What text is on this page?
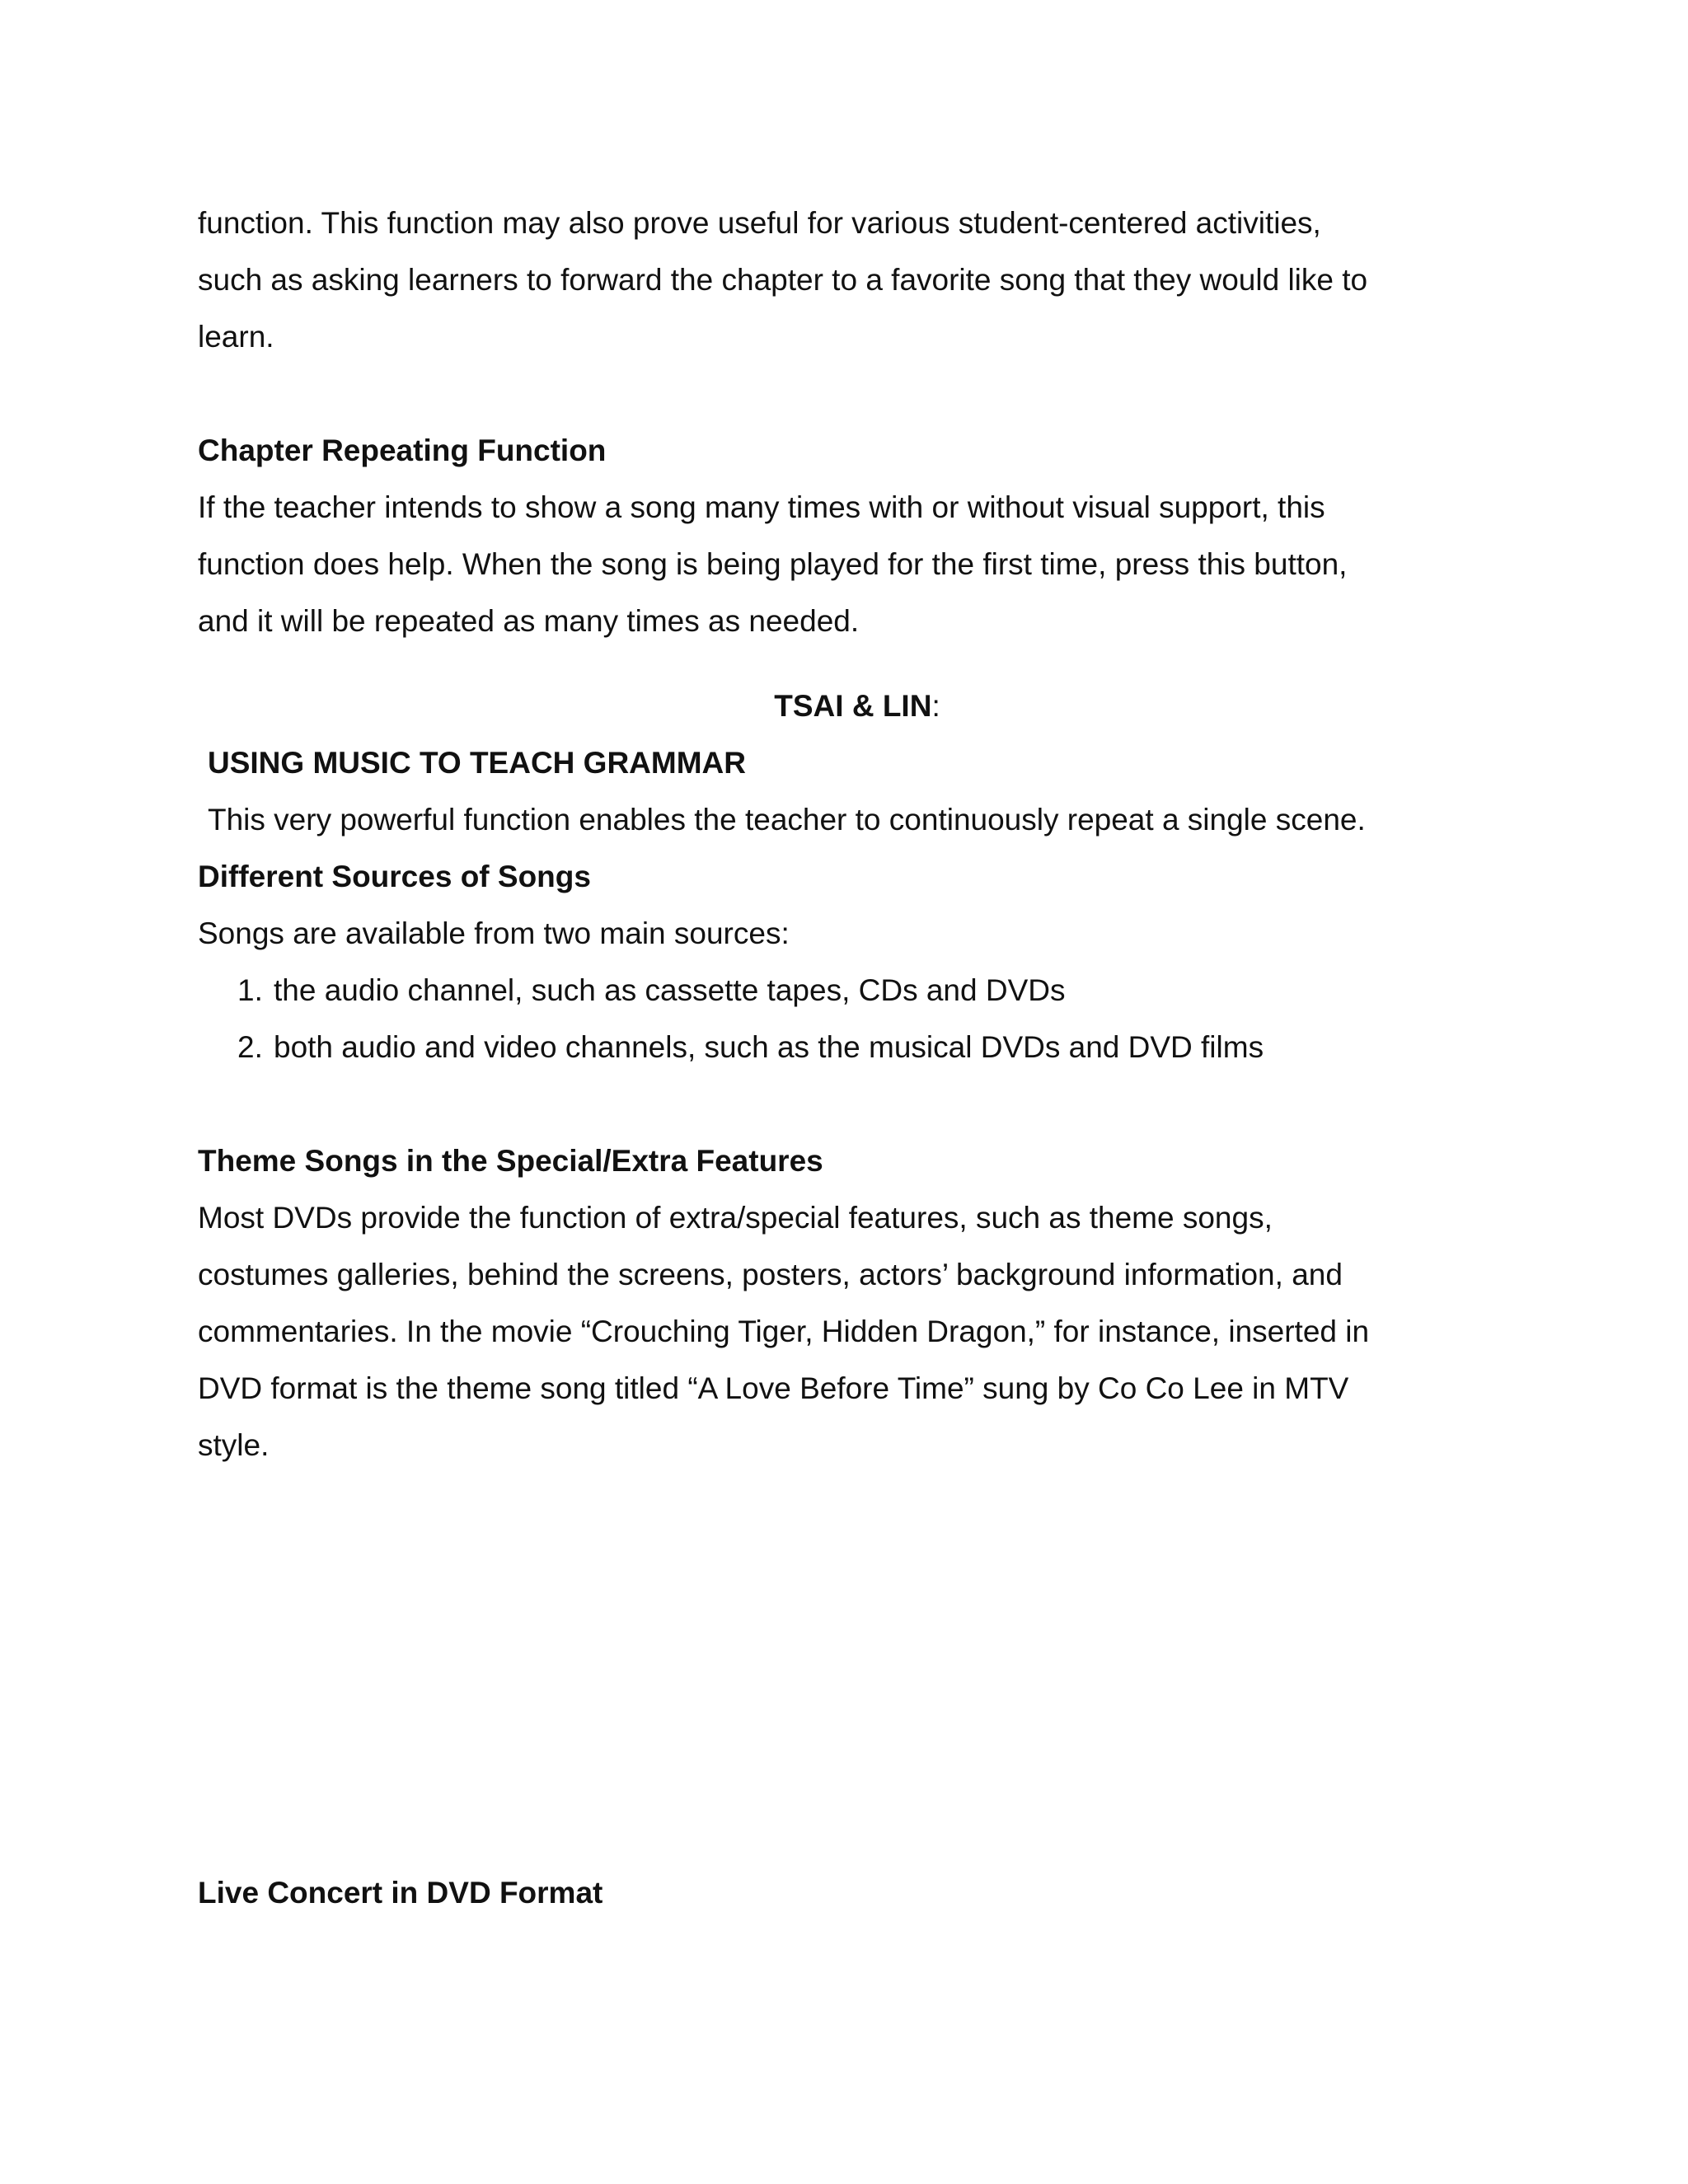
function. This function may also prove useful for various student-centered activities,

such as asking learners to forward the chapter to a favorite song that they would like to

learn.

Chapter Repeating Function

If the teacher intends to show a song many times with or without visual support, this

function does help. When the song is being played for the first time, press this button,

and it will be repeated as many times as needed.

TSAI & LIN:

USING MUSIC TO TEACH GRAMMAR

This very powerful function enables the teacher to continuously repeat a single scene.

Different Sources of Songs

Songs are available from two main sources:

1. the audio channel, such as cassette tapes, CDs and DVDs
2. both audio and video channels, such as the musical DVDs and DVD films

Theme Songs in the Special/Extra Features

Most DVDs provide the function of extra/special features, such as theme songs,

costumes galleries, behind the screens, posters, actors’ background information, and

commentaries. In the movie “Crouching Tiger, Hidden Dragon,” for instance, inserted in

DVD format is the theme song titled “A Love Before Time” sung by Co Co Lee in MTV

style.

Live Concert in DVD Format
